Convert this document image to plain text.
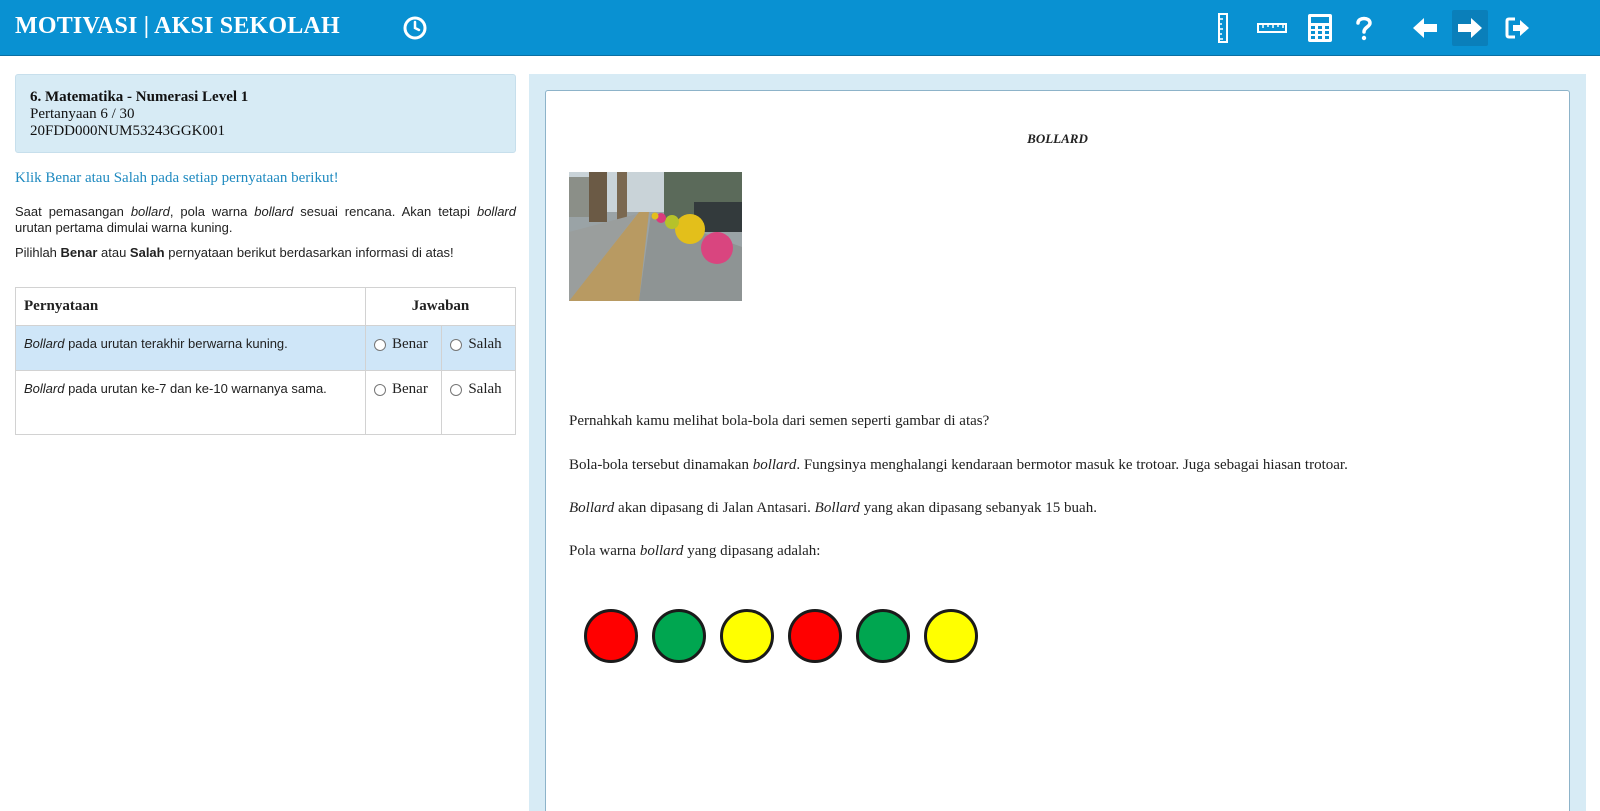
MOTIVASI | AKSI SEKOLAH
6. Matematika - Numerasi Level 1
Pertanyaan 6 / 30
20FDD000NUM53243GGK001
Klik Benar atau Salah pada setiap pernyataan berikut!
Saat pemasangan bollard, pola warna bollard sesuai rencana. Akan tetapi bollard urutan pertama dimulai warna kuning.
Pilihlah Benar atau Salah pernyataan berikut berdasarkan informasi di atas!
Pernyataan	Jawaban	
Bollard pada urutan terakhir berwarna kuning.	Benar	Salah

Bollard pada urutan ke-7 dan ke-10 warnanya sama.	Benar	Salah
BOLLARD
Pernahkah kamu melihat bola-bola dari semen seperti gambar di atas?
Bola-bola tersebut dinamakan bollard. Fungsinya menghalangi kendaraan bermotor masuk ke trotoar. Juga sebagai hiasan trotoar.
Bollard akan dipasang di Jalan Antasari. Bollard yang akan dipasang sebanyak 15 buah.
Pola warna bollard yang dipasang adalah:
